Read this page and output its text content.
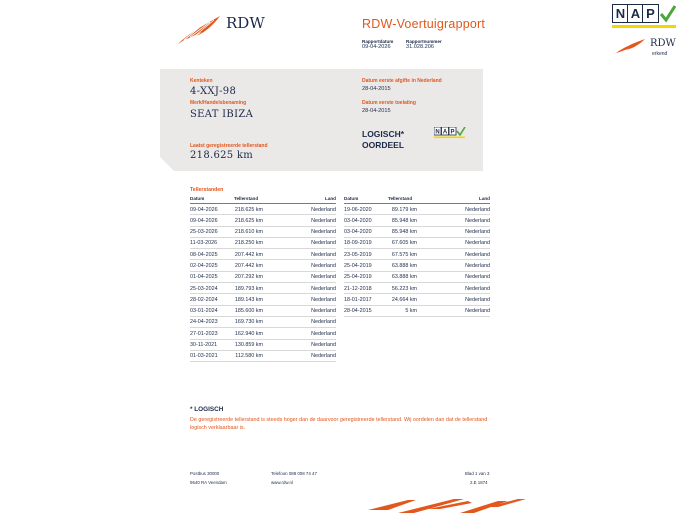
RDW	RDW-Voertuigrapport
Rapportdatum
09-04-2026
Rapportnummer
31.028.206
N A P
RDW
erkend
Kenteken
4-XXJ-98
Merk/Handelsbenaming
SEAT IBIZA
Laatst geregistreerde tellerstand
218.625 km
Datum eerste afgifte in Nederland
28-04-2015
Datum eerste toelating
28-04-2015
LOGISCH*
OORDEEL
N A P
Tellerstanden
Datum	Tellerstand	Land
09-04-2026	218.625 km	Nederland
09-04-2026	218.625 km	Nederland
25-03-2026	218.610 km	Nederland
11-03-2026	218.250 km	Nederland
08-04-2025	207.442 km	Nederland
02-04-2025	207.442 km	Nederland
01-04-2025	207.292 km	Nederland
25-03-2024	189.793 km	Nederland
28-02-2024	189.143 km	Nederland
03-01-2024	185.600 km	Nederland
24-04-2023	169.730 km	Nederland
27-01-2023	162.940 km	Nederland
30-11-2021	130.859 km	Nederland
01-03-2021	112.580 km	Nederland
Datum	Tellerstand	Land
19-06-2020	89.179 km	Nederland
03-04-2020	85.948 km	Nederland
03-04-2020	85.948 km	Nederland
18-09-2019	67.605 km	Nederland
23-05-2019	67.575 km	Nederland
25-04-2019	63.888 km	Nederland
25-04-2019	63.888 km	Nederland
21-12-2018	56.223 km	Nederland
18-01-2017	24.664 km	Nederland
28-04-2015	5 km	Nederland
* LOGISCH
De geregistreerde tellerstand is steeds hoger dan de daarvoor geregistreerde tellerstand. Wij oordelen dan dat de tellerstand logisch verklaarbaar is.
Postbus 30000
9640 RA Veendam
Telefoon 088 008 74 47
www.rdw.nl
Blad 1 van 3
2.E 1874
